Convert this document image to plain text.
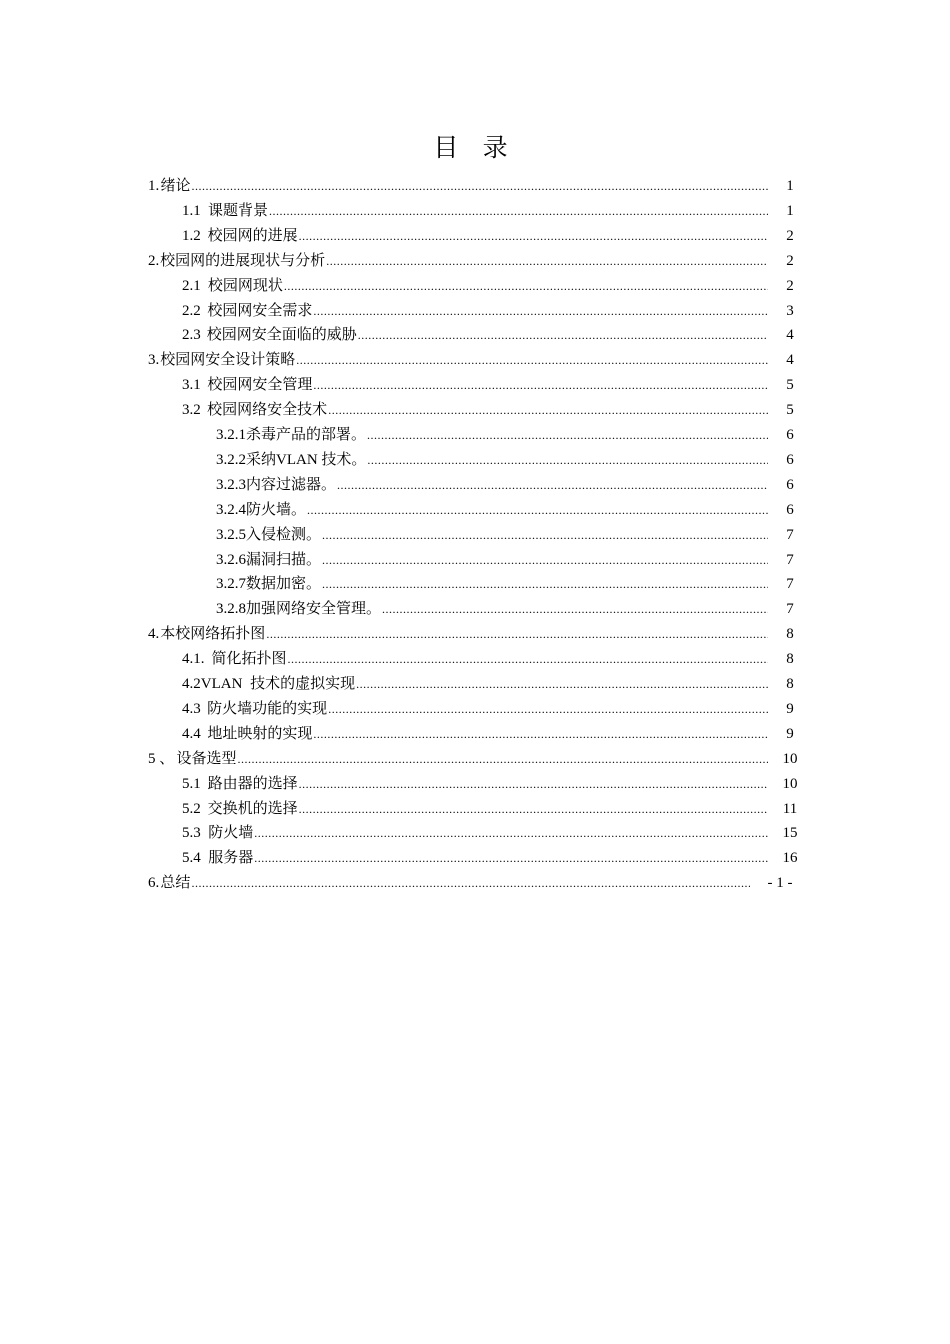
目 录
1. 绪论 .....	1
1.1 课题背景 .....	1
1.2 校园网的进展 .....	2
2. 校园网的进展现状与分析 .....	2
2.1 校园网现状 .....	2
2.2 校园网安全需求 .....	3
2.3 校园网安全面临的威胁 .....	4
3. 校园网安全设计策略 .....	4
3.1 校园网安全管理 .....	5
3.2 校园网络安全技术 .....	5
3.2.1 杀毒产品的部署。 .....	6
3.2.2 采纳VLAN 技术。 .....	6
3.2.3 内容过滤器。 .....	6
3.2.4 防火墙。 .....	6
3.2.5 入侵检测。 .....	7
3.2.6 漏洞扫描。 .....	7
3.2.7 数据加密。 .....	7
3.2.8 加强网络安全管理。 .....	7
4. 本校网络拓扑图 .....	8
4.1. 简化拓扑图 .....	8
4.2VLAN 技术的虚拟实现 .....	8
4.3 防火墙功能的实现 .....	9
4.4 地址映射的实现 .....	9
5 、 设备选型 .....	10
5.1 路由器的选择 .....	10
5.2 交换机的选择 .....	11
5.3 防火墙 .....	15
5.4 服务器 .....	16
6. 总结 .....	- 1 -
